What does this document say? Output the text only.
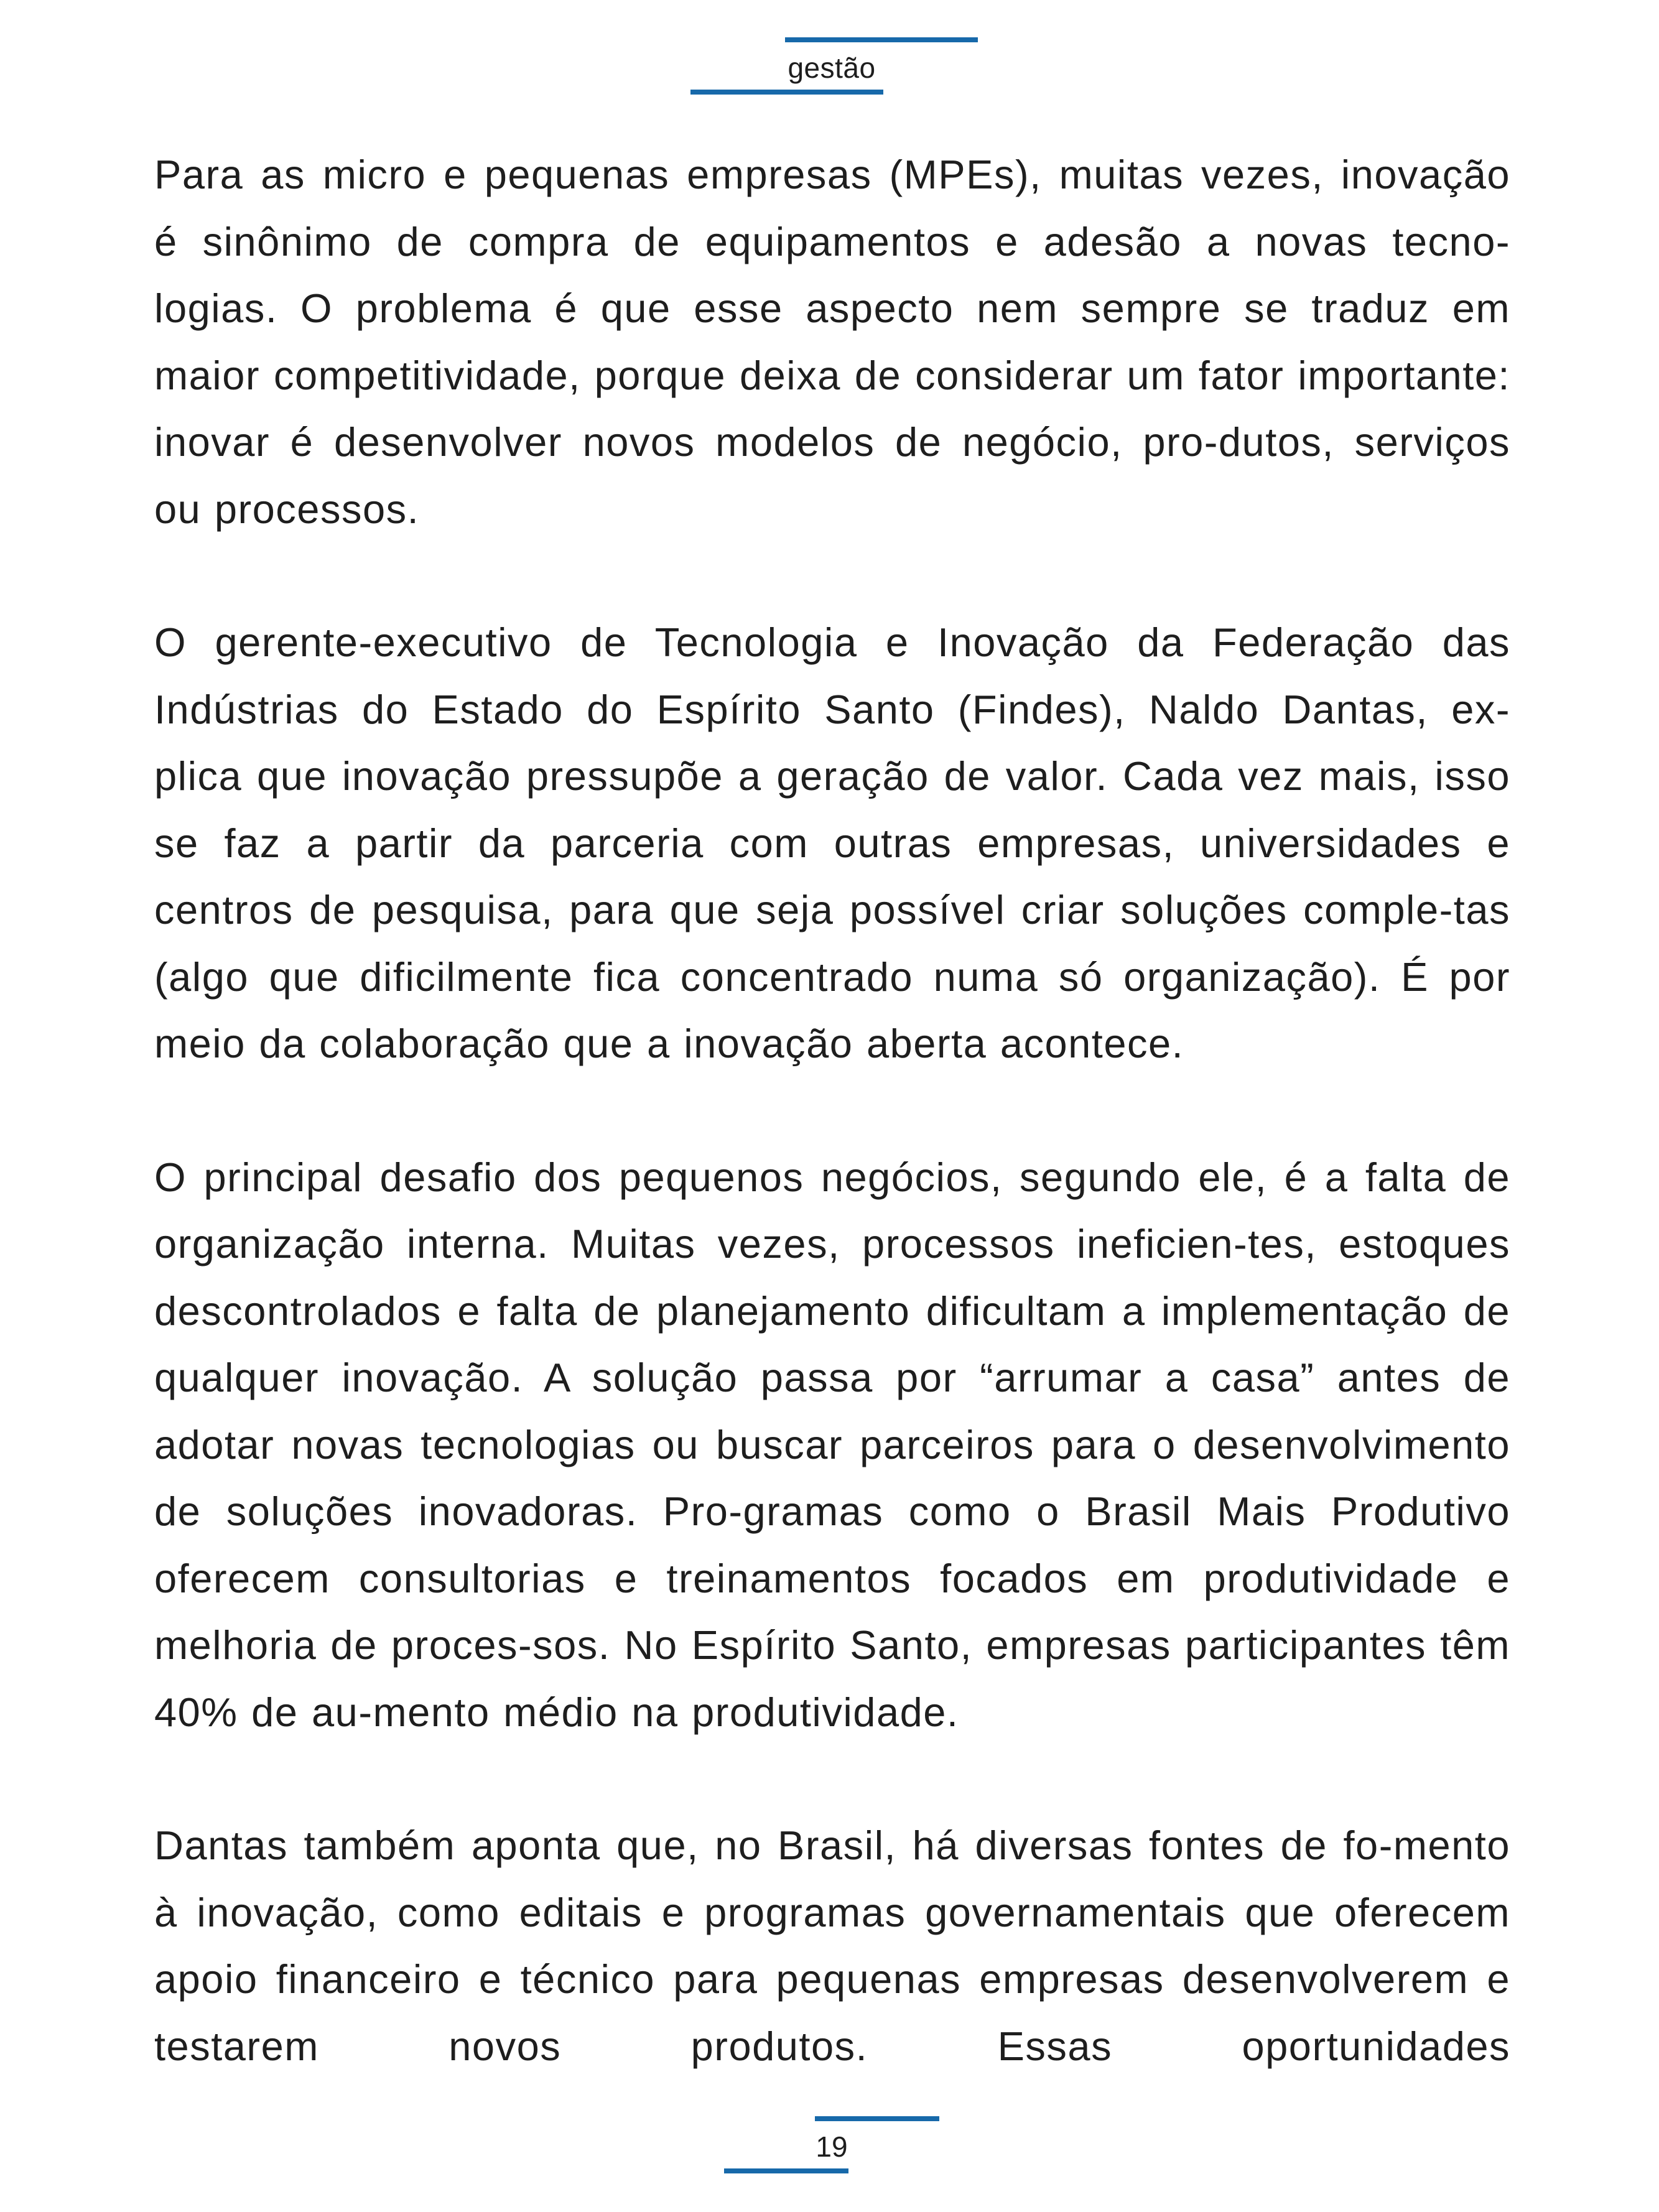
gestão

Para as micro e pequenas empresas (MPEs), muitas vezes, inovação é sinônimo de compra de equipamentos e adesão a novas tecno-logias. O problema é que esse aspecto nem sempre se traduz em maior competitividade, porque deixa de considerar um fator importante: inovar é desenvolver novos modelos de negócio, pro-dutos, serviços ou processos.

O gerente-executivo de Tecnologia e Inovação da Federação das Indústrias do Estado do Espírito Santo (Findes), Naldo Dantas, ex-plica que inovação pressupõe a geração de valor. Cada vez mais, isso se faz a partir da parceria com outras empresas, universidades e centros de pesquisa, para que seja possível criar soluções comple-tas (algo que dificilmente fica concentrado numa só organização). É por meio da colaboração que a inovação aberta acontece.

O principal desafio dos pequenos negócios, segundo ele, é a falta de organização interna. Muitas vezes, processos ineficien-tes, estoques descontrolados e falta de planejamento dificultam a implementação de qualquer inovação. A solução passa por “arrumar a casa” antes de adotar novas tecnologias ou buscar parceiros para o desenvolvimento de soluções inovadoras. Pro-gramas como o Brasil Mais Produtivo oferecem consultorias e treinamentos focados em produtividade e melhoria de proces-sos. No Espírito Santo, empresas participantes têm 40% de au-mento médio na produtividade.

Dantas também aponta que, no Brasil, há diversas fontes de fo-mento à inovação, como editais e programas governamentais que oferecem apoio financeiro e técnico para pequenas empresas desenvolverem e testarem novos produtos. Essas oportunidades

19
